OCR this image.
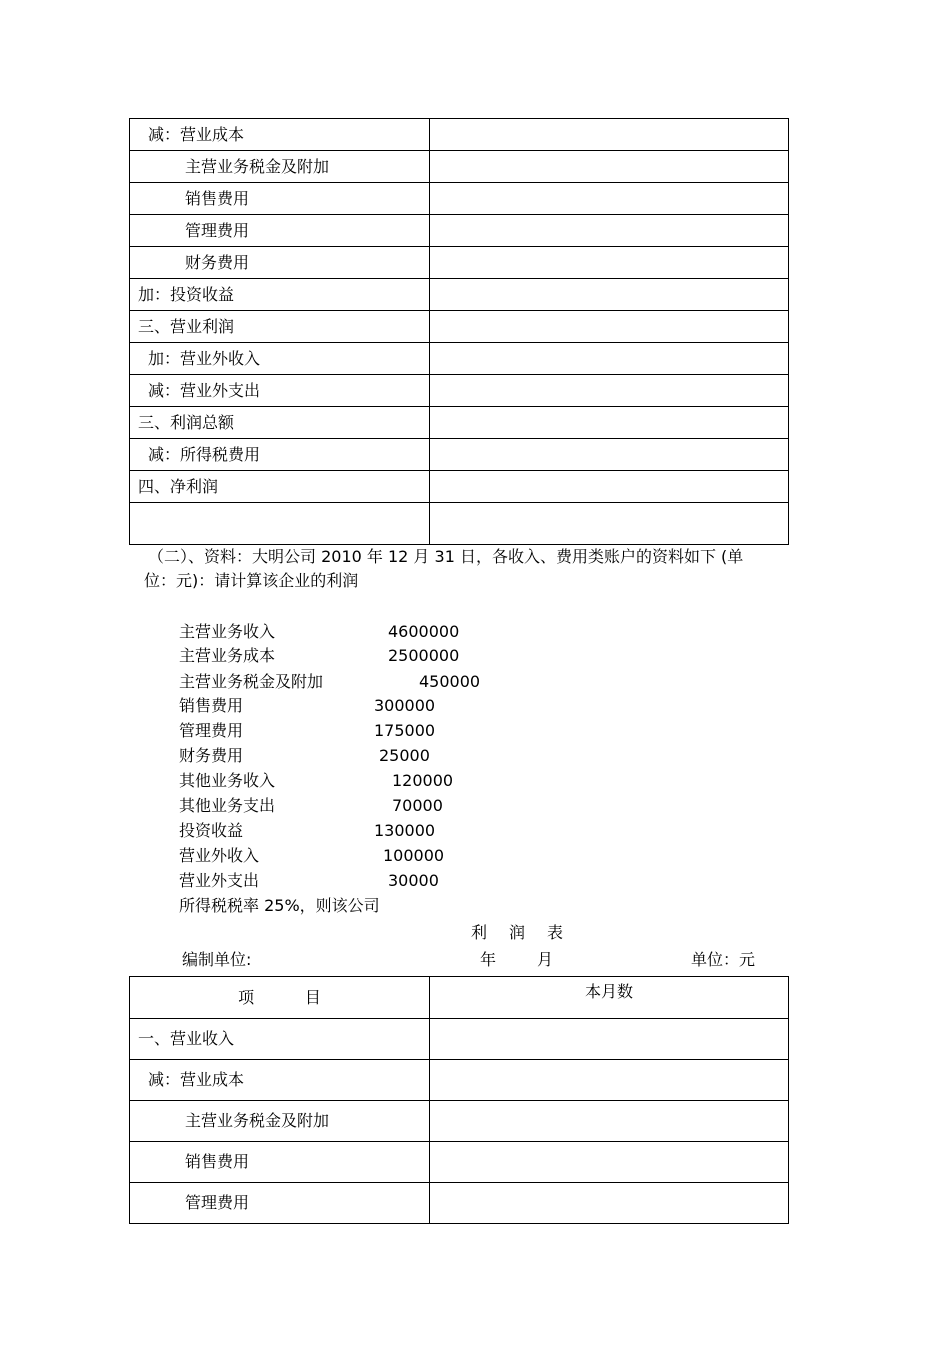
减：营业成本	
主营业务税金及附加	
销售费用	
管理费用	
财务费用	
加：投资收益	
三、营业利润	
加：营业外收入	
减：营业外支出	
三、利润总额	
减：所得税费用	
四、净利润	

（二）、资料：大明公司 2010 年 12 月 31 日，各收入、费用类账户的资料如下 (单
位：元)：请计算该企业的利润
主营业务收入	4600000
主营业务成本	2500000
主营业务税金及附加	450000
销售费用	300000
管理费用	175000
财务费用	25000
其他业务收入	120000
其他业务支出	70000
投资收益	130000
营业外收入	100000
营业外支出	30000
所得税税率 25%，则该公司
利 润 表
编制单位:	年	月	单位：元
项          目	本月数
一、营业收入	
减：营业成本	
主营业务税金及附加	
销售费用	
管理费用	
